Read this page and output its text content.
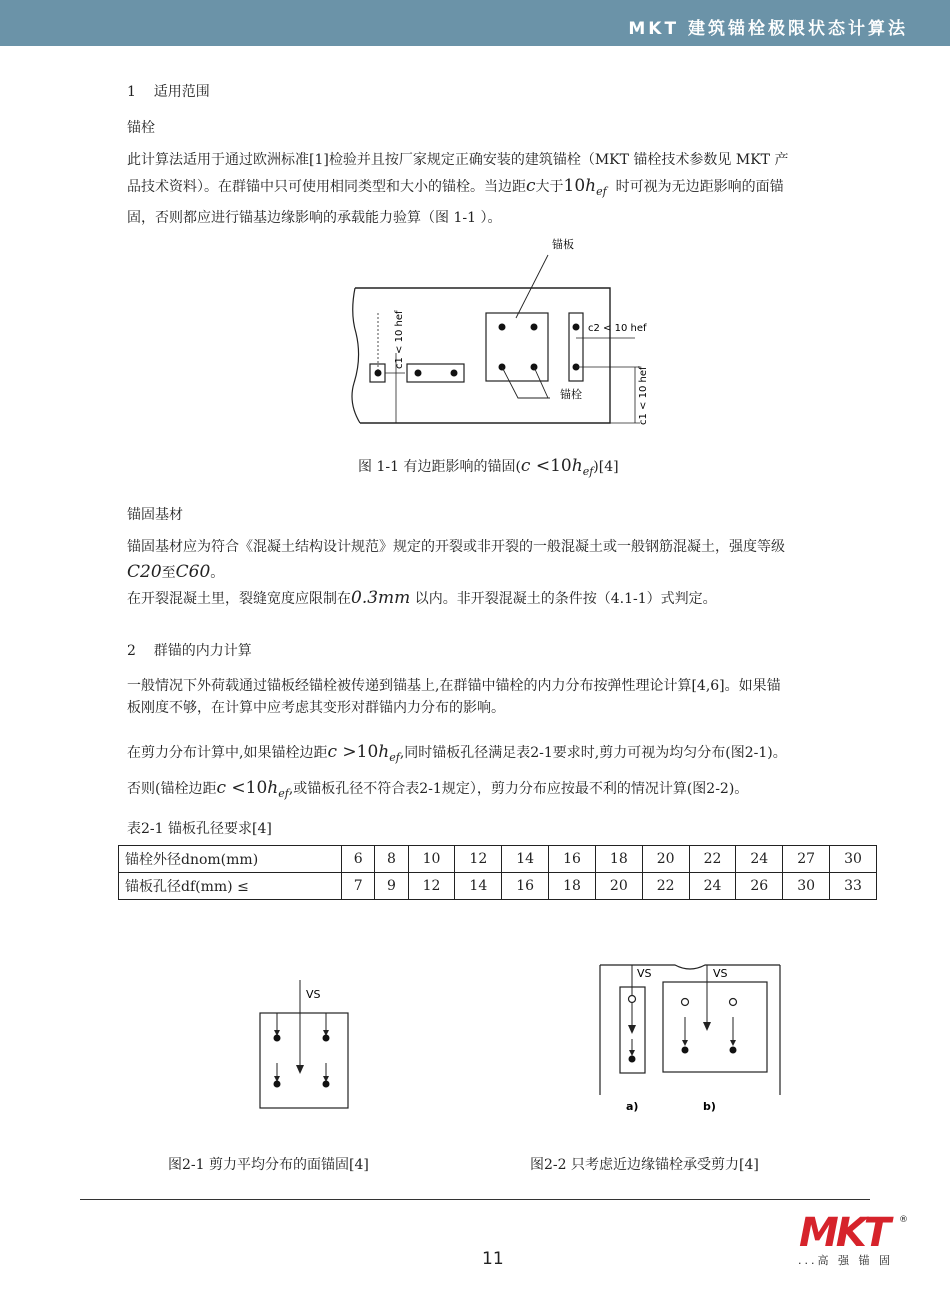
MKT 建筑锚栓极限状态计算法
1 适用范围
锚栓
此计算法适用于通过欧洲标准[1]检验并且按厂家规定正确安装的建筑锚栓（MKT 锚栓技术参数见 MKT 产
品技术资料）。在群锚中只可使用相同类型和大小的锚栓。当边距c大于$10h_{ef}$ 时可视为无边距影响的面锚
固，否则都应进行锚基边缘影响的承载能力验算（图 1-1 ）。
锚板
锚栓
c2 < 10 hef
c1 < 10 hef
c1 < 10 hef
图 1-1 有边距影响的锚固$(c <10h_{ef})[4]$
锚固基材
锚固基材应为符合《混凝土结构设计规范》规定的开裂或非开裂的一般混凝土或一般钢筋混凝土，强度等级
C20至C60。
在开裂混凝土里，裂缝宽度应限制在0.3mm 以内。非开裂混凝土的条件按（4.1-1）式判定。
2 群锚的内力计算
一般情况下外荷载通过锚板经锚栓被传递到锚基上,在群锚中锚栓的内力分布按弹性理论计算[4,6]。如果锚
板刚度不够，在计算中应考虑其变形对群锚内力分布的影响。
在剪力分布计算中,如果锚栓边距$c >10h_{ef}$,同时锚板孔径满足表2-1要求时,剪力可视为均匀分布(图2-1)。
否则(锚栓边距$c <10h_{ef}$,或锚板孔径不符合表2-1规定），剪力分布应按最不利的情况计算(图2-2)。
表2-1 锚板孔径要求[4]
锚栓外径dnom(mm)	6	8	10	12	14	16	18	20	22	24	27	30
锚板孔径df(mm) ≤	7	9	12	14	16	18	20	22	24	26	30	33
VS
VS	VS
a)	b)
图2-1 剪力平均分布的面锚固[4]	图2-2 只考虑近边缘锚栓承受剪力[4]
11
MKT	®
...高 强 锚 固
